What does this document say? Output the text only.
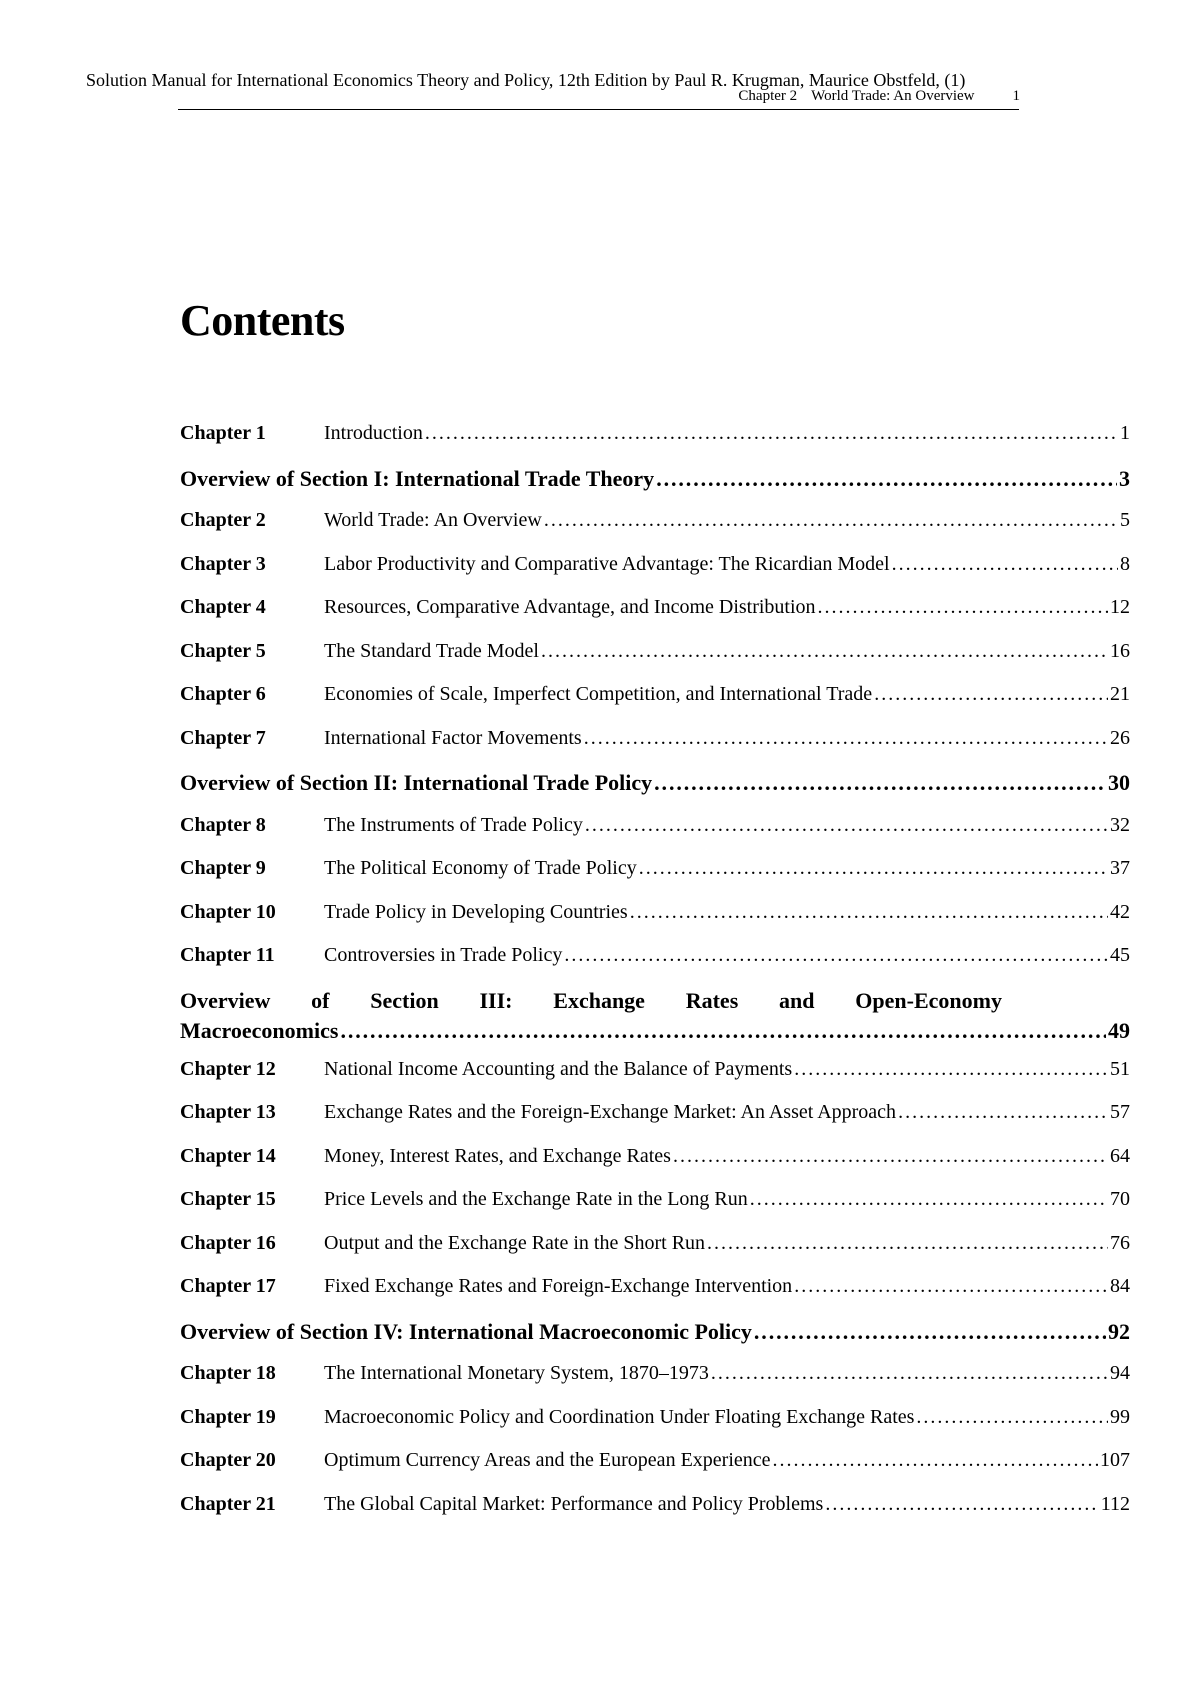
Solution Manual for International Economics Theory and Policy, 12th Edition by Paul R. Krugman, Maurice Obstfeld, (1)
Chapter 2 World Trade: An Overview	1
Contents
Chapter 1	Introduction . . .	1
Overview of Section I: International Trade Theory . . .	3
Chapter 2	World Trade: An Overview . . .	5
Chapter 3	Labor Productivity and Comparative Advantage: The Ricardian Model . . .	8
Chapter 4	Resources, Comparative Advantage, and Income Distribution . . .	12
Chapter 5	The Standard Trade Model . . .	16
Chapter 6	Economies of Scale, Imperfect Competition, and International Trade . . .	21
Chapter 7	International Factor Movements . . .	26
Overview of Section II: International Trade Policy . . .	30
Chapter 8	The Instruments of Trade Policy . . .	32
Chapter 9	The Political Economy of Trade Policy . . .	37
Chapter 10	Trade Policy in Developing Countries . . .	42
Chapter 11	Controversies in Trade Policy . . .	45
Overview of Section III: Exchange Rates and Open-Economy
Macroeconomics . . .	49
Chapter 12	National Income Accounting and the Balance of Payments . . .	51
Chapter 13	Exchange Rates and the Foreign-Exchange Market: An Asset Approach . . .	57
Chapter 14	Money, Interest Rates, and Exchange Rates . . .	64
Chapter 15	Price Levels and the Exchange Rate in the Long Run . . .	70
Chapter 16	Output and the Exchange Rate in the Short Run . . .	76
Chapter 17	Fixed Exchange Rates and Foreign-Exchange Intervention . . .	84
Overview of Section IV: International Macroeconomic Policy . . .	92
Chapter 18	The International Monetary System, 1870–1973 . . .	94
Chapter 19	Macroeconomic Policy and Coordination Under Floating Exchange Rates . . .	99
Chapter 20	Optimum Currency Areas and the European Experience . . .	107
Chapter 21	The Global Capital Market: Performance and Policy Problems . . .	112
